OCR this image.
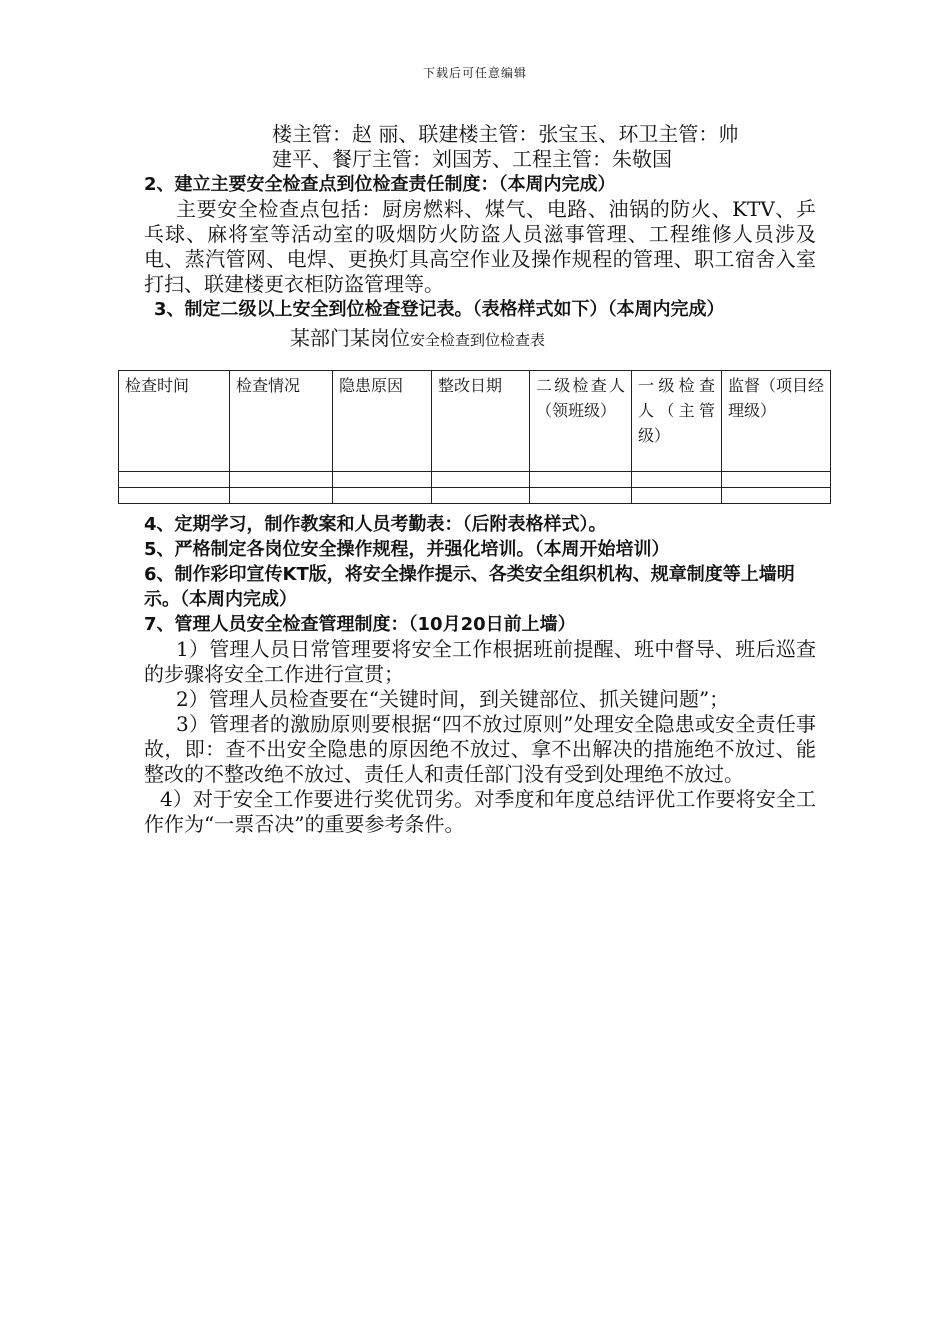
下载后可任意编辑

楼主管：赵 丽、联建楼主管：张宝玉、环卫主管：帅

建平、餐厅主管：刘国芳、工程主管：朱敬国

2、建立主要安全检查点到位检查责任制度：（本周内完成）

主要安全检查点包括：厨房燃料、煤气、电路、油锅的防火、KTV、乒乓球、麻将室等活动室的吸烟防火防盗人员滋事管理、工程维修人员涉及电、蒸汽管网、电焊、更换灯具高空作业及操作规程的管理、职工宿舍入室打扫、联建楼更衣柜防盗管理等。

3、制定二级以上安全到位检查登记表。（表格样式如下）（本周内完成）

某部门某岗位安全检查到位检查表
检查时间	检查情况	隐患原因	整改日期	二级检查人（领班级）	一级检查人（主管级）	监督（项目经理级）

4、定期学习，制作教案和人员考勤表：（后附表格样式）。

5、严格制定各岗位安全操作规程，并强化培训。（本周开始培训）

6、制作彩印宣传KT版，将安全操作提示、各类安全组织机构、规章制度等上墙明示。（本周内完成）

7、管理人员安全检查管理制度：（10月20日前上墙）

1）管理人员日常管理要将安全工作根据班前提醒、班中督导、班后巡查的步骤将安全工作进行宣贯；

2）管理人员检查要在“关键时间，到关键部位、抓关键问题”；

3）管理者的激励原则要根据“四不放过原则”处理安全隐患或安全责任事故，即：查不出安全隐患的原因绝不放过、拿不出解决的措施绝不放过、能整改的不整改绝不放过、责任人和责任部门没有受到处理绝不放过。

4）对于安全工作要进行奖优罚劣。对季度和年度总结评优工作要将安全工作作为“一票否决”的重要参考条件。
